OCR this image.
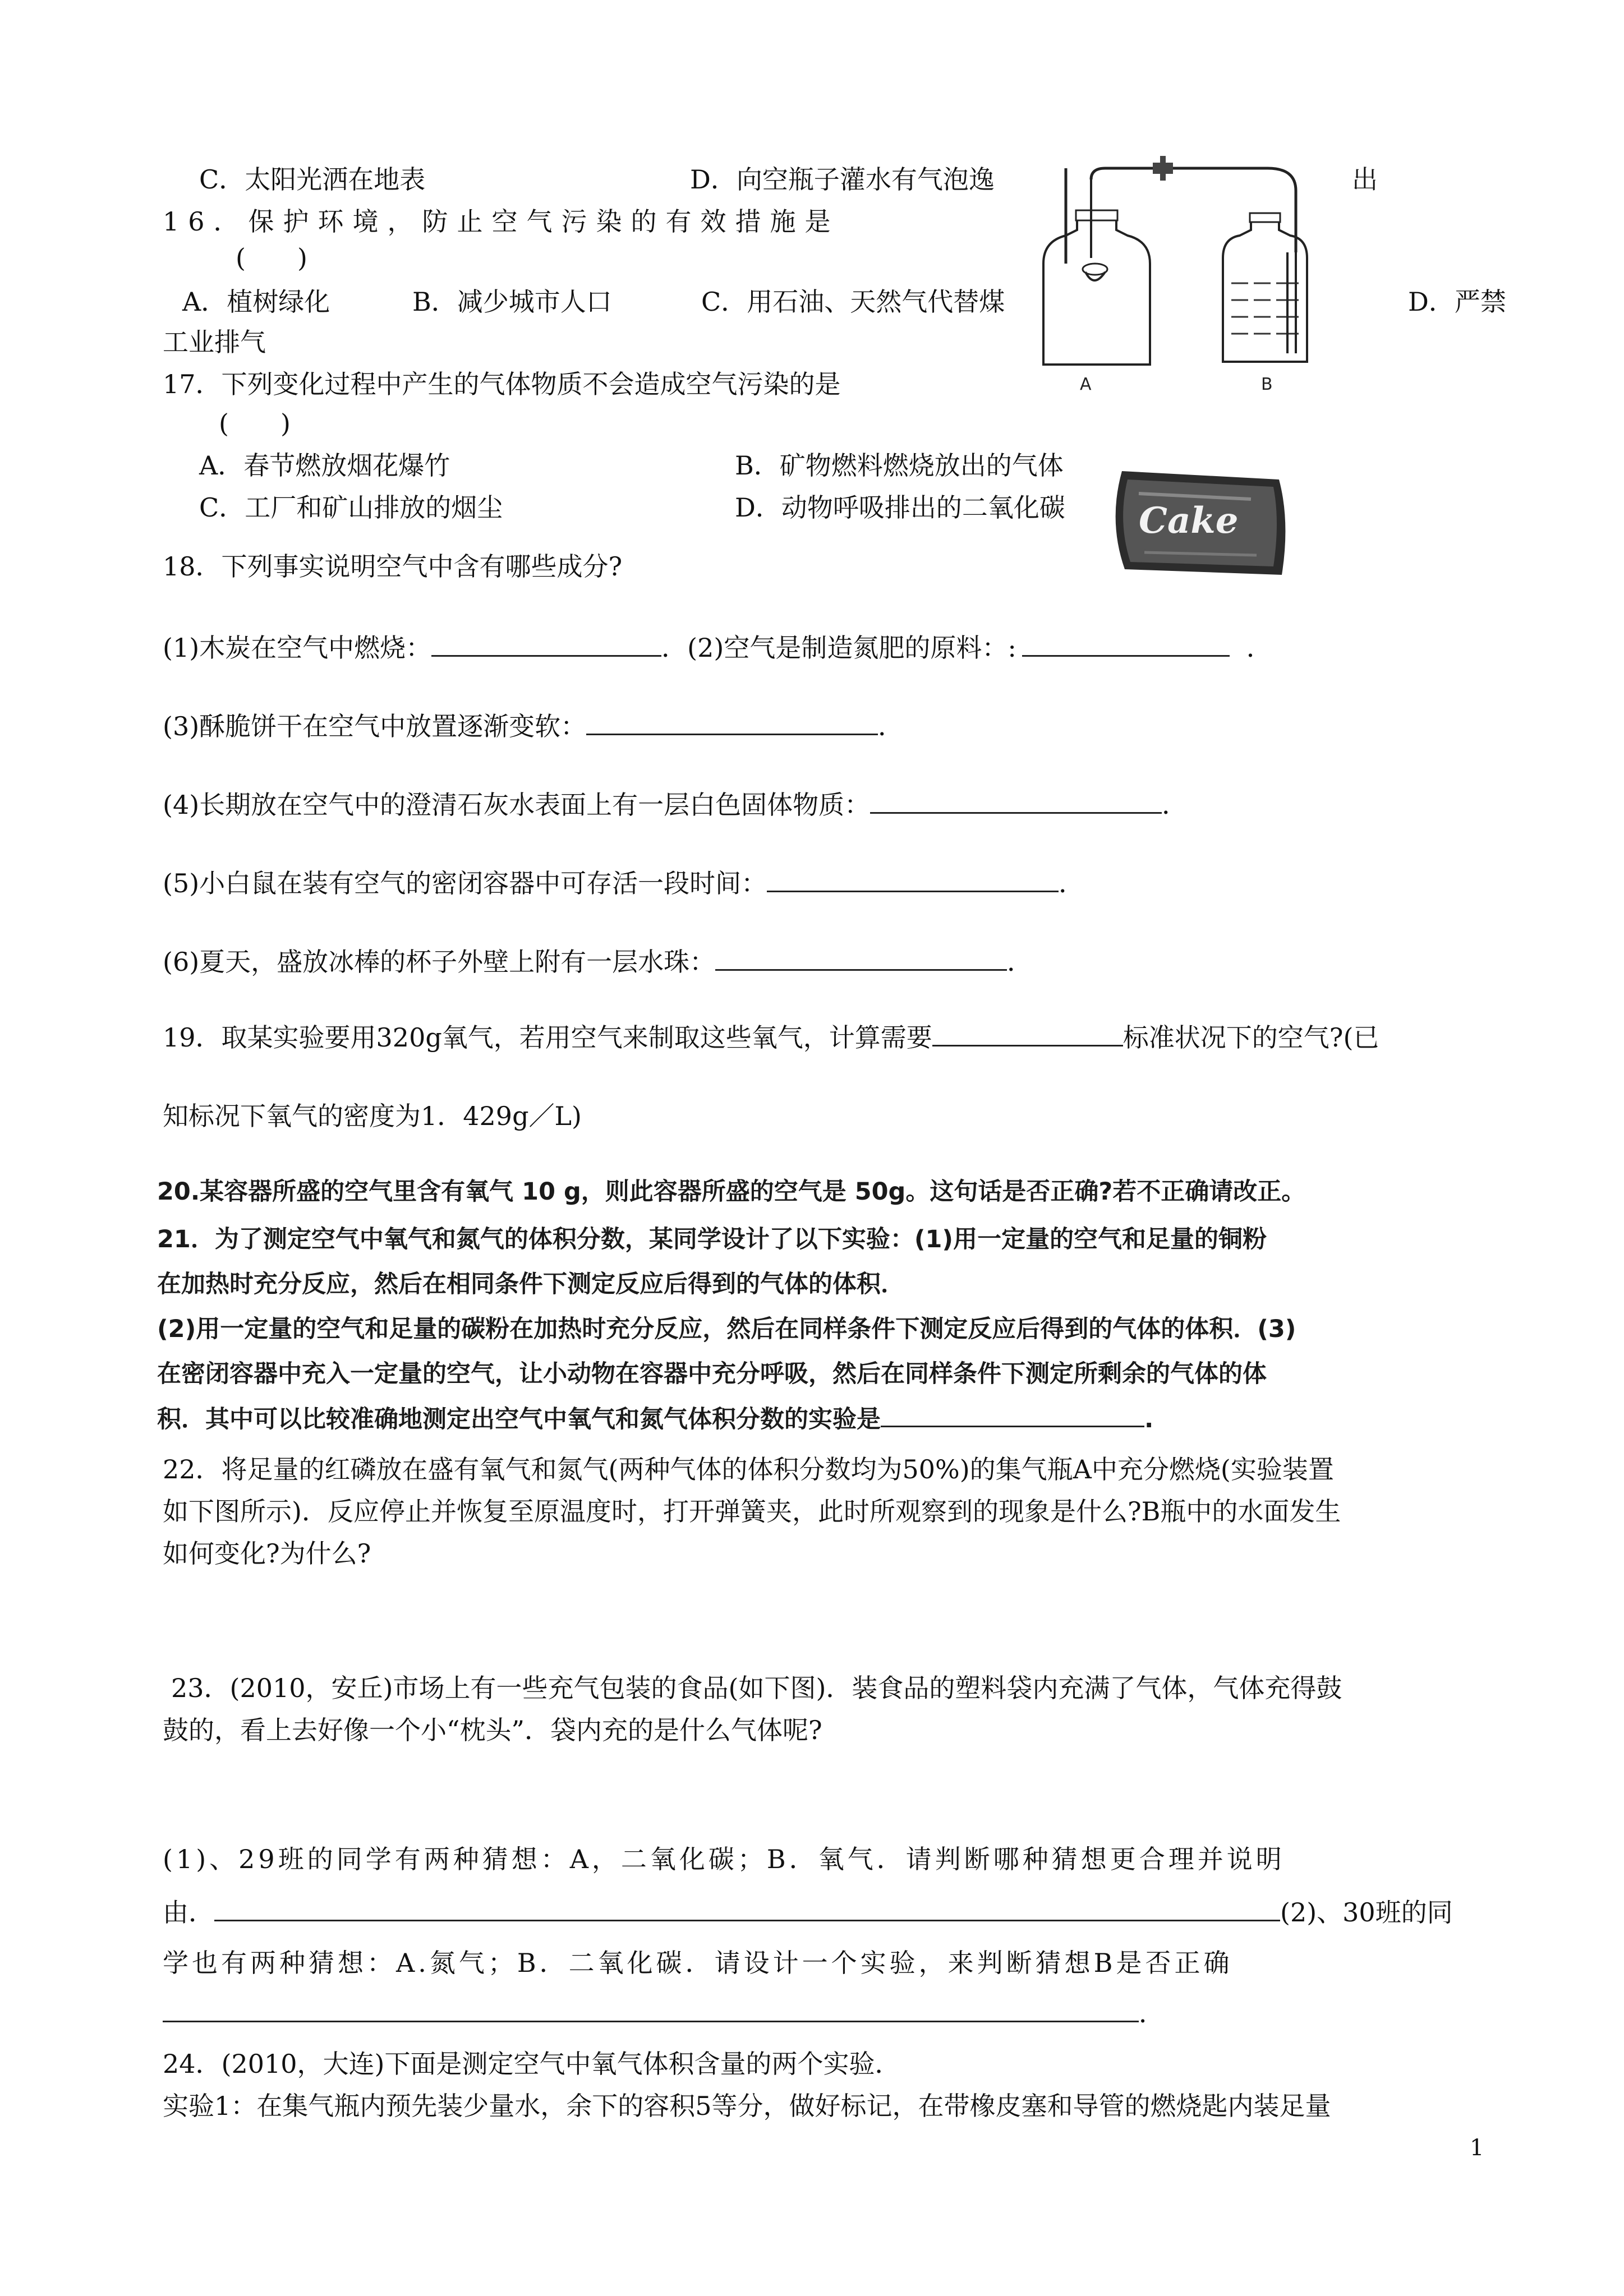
C．太阳光洒在地表	D．向空瓶子灌水有气泡逸	出
16．保护环境，防止空气污染的有效措施是
(　　)
A．植树绿化	B．减少城市人口	C．用石油、天然气代替煤	D．严禁
工业排气
17．下列变化过程中产生的气体物质不会造成空气污染的是
(　　)
A．春节燃放烟花爆竹	B．矿物燃料燃烧放出的气体
C．工厂和矿山排放的烟尘	D．动物呼吸排出的二氧化碳
A	B
Cake
18．下列事实说明空气中含有哪些成分?
(1)木炭在空气中燃烧：	．(2)空气是制造氮肥的原料：:	．
(3)酥脆饼干在空气中放置逐渐变软：	．
(4)长期放在空气中的澄清石灰水表面上有一层白色固体物质：	．
(5)小白鼠在装有空气的密闭容器中可存活一段时间：	．
(6)夏天，盛放冰棒的杯子外壁上附有一层水珠：	．
19．取某实验要用320g氧气，若用空气来制取这些氧气，计算需要	标准状况下的空气?(已
知标况下氧气的密度为1．429g／L)
20.某容器所盛的空气里含有氧气 10 g，则此容器所盛的空气是 50g。这句话是否正确?若不正确请改正。
21．为了测定空气中氧气和氮气的体积分数，某同学设计了以下实验：(1)用一定量的空气和足量的铜粉
在加热时充分反应，然后在相同条件下测定反应后得到的气体的体积．
(2)用一定量的空气和足量的碳粉在加热时充分反应，然后在同样条件下测定反应后得到的气体的体积．(3)
在密闭容器中充入一定量的空气，让小动物在容器中充分呼吸，然后在同样条件下测定所剩余的气体的体
积．其中可以比较准确地测定出空气中氧气和氮气体积分数的实验是	.
22．将足量的红磷放在盛有氧气和氮气(两种气体的体积分数均为50%)的集气瓶A中充分燃烧(实验装置
如下图所示)．反应停止并恢复至原温度时，打开弹簧夹，此时所观察到的现象是什么?B瓶中的水面发生
如何变化?为什么?
23．(2010，安丘)市场上有一些充气包装的食品(如下图)．装食品的塑料袋内充满了气体，气体充得鼓
鼓的，看上去好像一个小“枕头”．袋内充的是什么气体呢?
(1)、29班的同学有两种猜想：A，二氧化碳；B．氧气．请判断哪种猜想更合理并说明
由．	(2)、30班的同
学也有两种猜想：A.氮气；B．二氧化碳．请设计一个实验，来判断猜想B是否正确
．
24．(2010，大连)下面是测定空气中氧气体积含量的两个实验．
实验1：在集气瓶内预先装少量水，余下的容积5等分，做好标记，在带橡皮塞和导管的燃烧匙内装足量
1
